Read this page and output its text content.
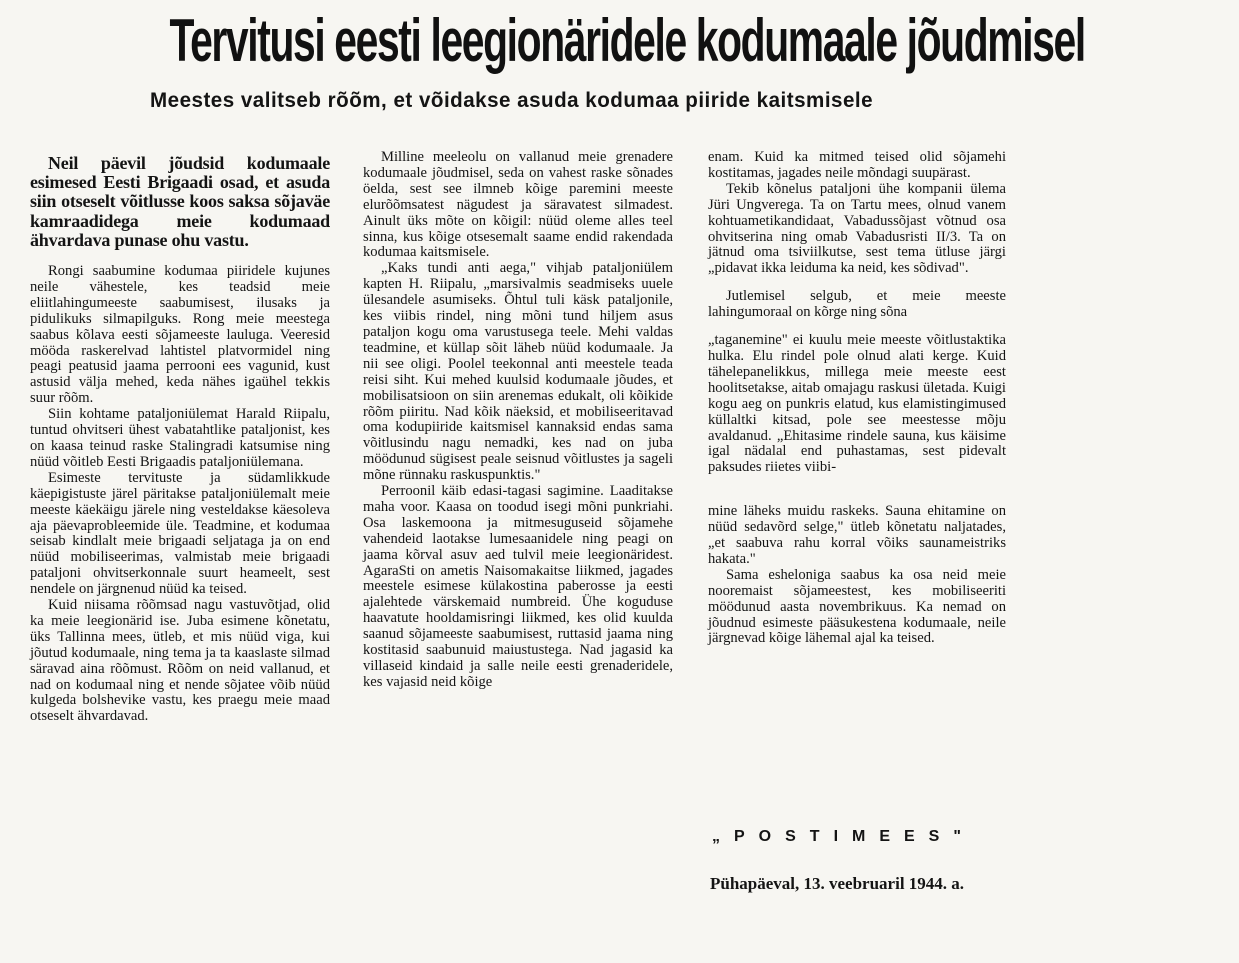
Tervitusi eesti leegionäridele kodumaale jõudmisel
Meestes valitseb rõõm, et võidakse asuda kodumaa piiride kaitsmisele

Neil päevil jõudsid kodumaale esimesed Eesti Brigaadi osad, et asuda siin otseselt võitlusse koos saksa sõjaväe kamraadidega meie kodumaad ähvardava punase ohu vastu.

Rongi saabumine kodumaa piiridele kujunes neile vähestele, kes teadsid meie eliitlahingumeeste saabumisest, ilusaks ja pidulikuks silmapilguks. Rong meie meestega saabus kõlava eesti sõjameeste lauluga. Veeresid mööda raskerelvad lahtistel platvormidel ning peagi peatusid jaama perrooni ees vagunid, kust astusid välja mehed, keda nähes igaühel tekkis suur rõõm.

Siin kohtame pataljoniülemat Harald Riipalu, tuntud ohvitseri ühest vabatahtlike pataljonist, kes on kaasa teinud raske Stalingradi katsumise ning nüüd võitleb Eesti Brigaadis pataljoniülemana.

Esimeste tervituste ja südamlikkude käepigistuste järel päritakse pataljoniülemalt meie meeste käekäigu järele ning vesteldakse käesoleva aja päevaprobleemide üle. Teadmine, et kodumaa seisab kindlalt meie brigaadi seljataga ja on end nüüd mobiliseerimas, valmistab meie brigaadi pataljoni ohvitserkonnale suurt heameelt, sest nendele on järgnenud nüüd ka teised.

Kuid niisama rõõmsad nagu vastuvõtjad, olid ka meie leegionärid ise. Juba esimene kõnetatu, üks Tallinna mees, ütleb, et mis nüüd viga, kui jõutud kodumaale, ning tema ja ta kaaslaste silmad säravad aina rõõmust. Rõõm on neid vallanud, et nad on kodumaal ning et nende sõjatee võib nüüd kulgeda bolshevike vastu, kes praegu meie maad otseselt ähvardavad.

Milline meeleolu on vallanud meie grenadere kodumaale jõudmisel, seda on vahest raske sõnades öelda, sest see ilmneb kõige paremini meeste elurõõmsatest nägudest ja säravatest silmadest. Ainult üks mõte on kõigil: nüüd oleme alles teel sinna, kus kõige otsesemalt saame endid rakendada kodumaa kaitsmisele.

„Kaks tundi anti aega," vihjab pataljoniülem kapten H. Riipalu, „marsivalmis seadmiseks uuele ülesandele asumiseks. Õhtul tuli käsk pataljonile, kes viibis rindel, ning mõni tund hiljem asus pataljon kogu oma varustusega teele. Mehi valdas teadmine, et küllap sõit läheb nüüd kodumaale. Ja nii see oligi. Poolel teekonnal anti meestele teada reisi siht. Kui mehed kuulsid kodumaale jõudes, et mobilisatsioon on siin arenemas edukalt, oli kõikide rõõm piiritu. Nad kõik näeksid, et mobiliseeritavad oma kodupiiride kaitsmisel kannaksid endas sama võitlusindu nagu nemadki, kes nad on juba möödunud sügisest peale seisnud võitlustes ja sageli mõne rünnaku raskuspunktis."

Perroonil käib edasi-tagasi sagimine. Laaditakse maha voor. Kaasa on toodud isegi mõni punkriahi. Osa laskemoona ja mitmesuguseid sõjamehe vahendeid laotakse lumesaanidele ning peagi on jaama kõrval asuv aed tulvil meie leegionäridest. AgaraSti on ametis Naisomakaitse liikmed, jagades meestele esimese külakostina paberosse ja eesti ajalehtede värskemaid numbreid. Ühe koguduse haavatute hooldamisringi liikmed, kes olid kuulda saanud sõjameeste saabumisest, ruttasid jaama ning kostitasid saabunuid maiustustega. Nad jagasid ka villaseid kindaid ja salle neile eesti grenaderidele, kes vajasid neid kõige

enam. Kuid ka mitmed teised olid sõjamehi kostitamas, jagades neile mõndagi suupärast.

Tekib kõnelus pataljoni ühe kompanii ülema Jüri Ungverega. Ta on Tartu mees, olnud vanem kohtuametikandidaat, Vabadussõjast võtnud osa ohvitserina ning omab Vabadusristi II/3. Ta on jätnud oma tsiviilkutse, sest tema ütluse järgi „pidavat ikka leiduma ka neid, kes sõdivad".

Jutlemisel selgub, et meie meeste lahingumoraal on kõrge ning sõna

„taganemine" ei kuulu meie meeste võitlustaktika hulka. Elu rindel pole olnud alati kerge. Kuid tähelepanelikkus, millega meie meeste eest hoolitsetakse, aitab omajagu raskusi ületada. Kuigi kogu aeg on punkris elatud, kus elamistingimused küllaltki kitsad, pole see meestesse mõju avaldanud. „Ehitasime rindele sauna, kus käisime igal nädalal end puhastamas, sest pidevalt paksudes riietes viibi-

mine läheks muidu raskeks. Sauna ehitamine on nüüd sedavõrd selge," ütleb kõnetatu naljatades, „et saabuva rahu korral võiks saunameistriks hakata."

Sama esheloniga saabus ka osa neid meie nooremaist sõjameestest, kes mobiliseeriti möödunud aasta novembrikuus. Ka nemad on jõudnud esimeste pääsukestena kodumaale, neile järgnevad kõige lähemal ajal ka teised.

„POSTIMEES"
Pühapäeval, 13. veebruaril 1944. a.
